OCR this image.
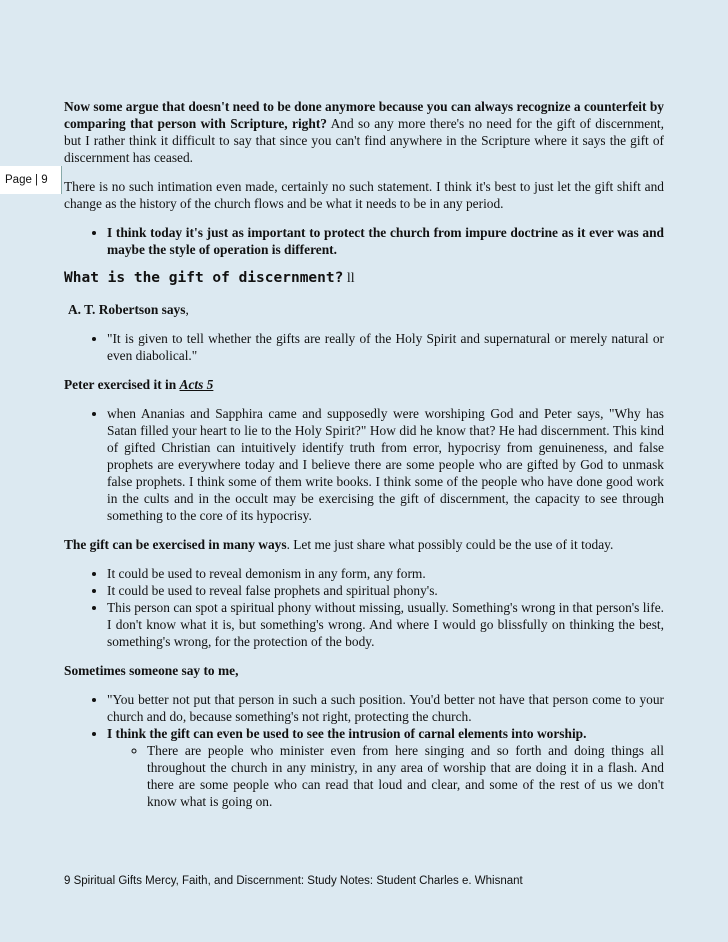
Page | 9

Now some argue that doesn't need to be done anymore because you can always recognize a counterfeit by comparing that person with Scripture, right? And so any more there's no need for the gift of discernment, but I rather think it difficult to say that since you can't find anywhere in the Scripture where it says the gift of discernment has ceased.

There is no such intimation even made, certainly no such statement. I think it's best to just let the gift shift and change as the history of the church flows and be what it needs to be in any period.

• I think today it's just as important to protect the church from impure doctrine as it ever was and maybe the style of operation is different.
What is the gift of discernment? ll

A. T. Robertson says,

• "It is given to tell whether the gifts are really of the Holy Spirit and supernatural or merely natural or even diabolical."

Peter exercised it in Acts 5

• when Ananias and Sapphira came and supposedly were worshiping God and Peter says, "Why has Satan filled your heart to lie to the Holy Spirit?" How did he know that? He had discernment. This kind of gifted Christian can intuitively identify truth from error, hypocrisy from genuineness, and false prophets are everywhere today and I believe there are some people who are gifted by God to unmask false prophets. I think some of them write books. I think some of the people who have done good work in the cults and in the occult may be exercising the gift of discernment, the capacity to see through something to the core of its hypocrisy.

The gift can be exercised in many ways. Let me just share what possibly could be the use of it today.

• It could be used to reveal demonism in any form, any form.
• It could be used to reveal false prophets and spiritual phony's.
• This person can spot a spiritual phony without missing, usually. Something's wrong in that person's life. I don't know what it is, but something's wrong. And where I would go blissfully on thinking the best, something's wrong, for the protection of the body.

Sometimes someone say to me,

• "You better not put that person in such a such position. You'd better not have that person come to your church and do, because something's not right, protecting the church.
• I think the gift can even be used to see the intrusion of carnal elements into worship.
◦ There are people who minister even from here singing and so forth and doing things all throughout the church in any ministry, in any area of worship that are doing it in a flash. And there are some people who can read that loud and clear, and some of the rest of us we don't know what is going on.
9 Spiritual Gifts Mercy, Faith, and Discernment: Study Notes: Student Charles e. Whisnant
